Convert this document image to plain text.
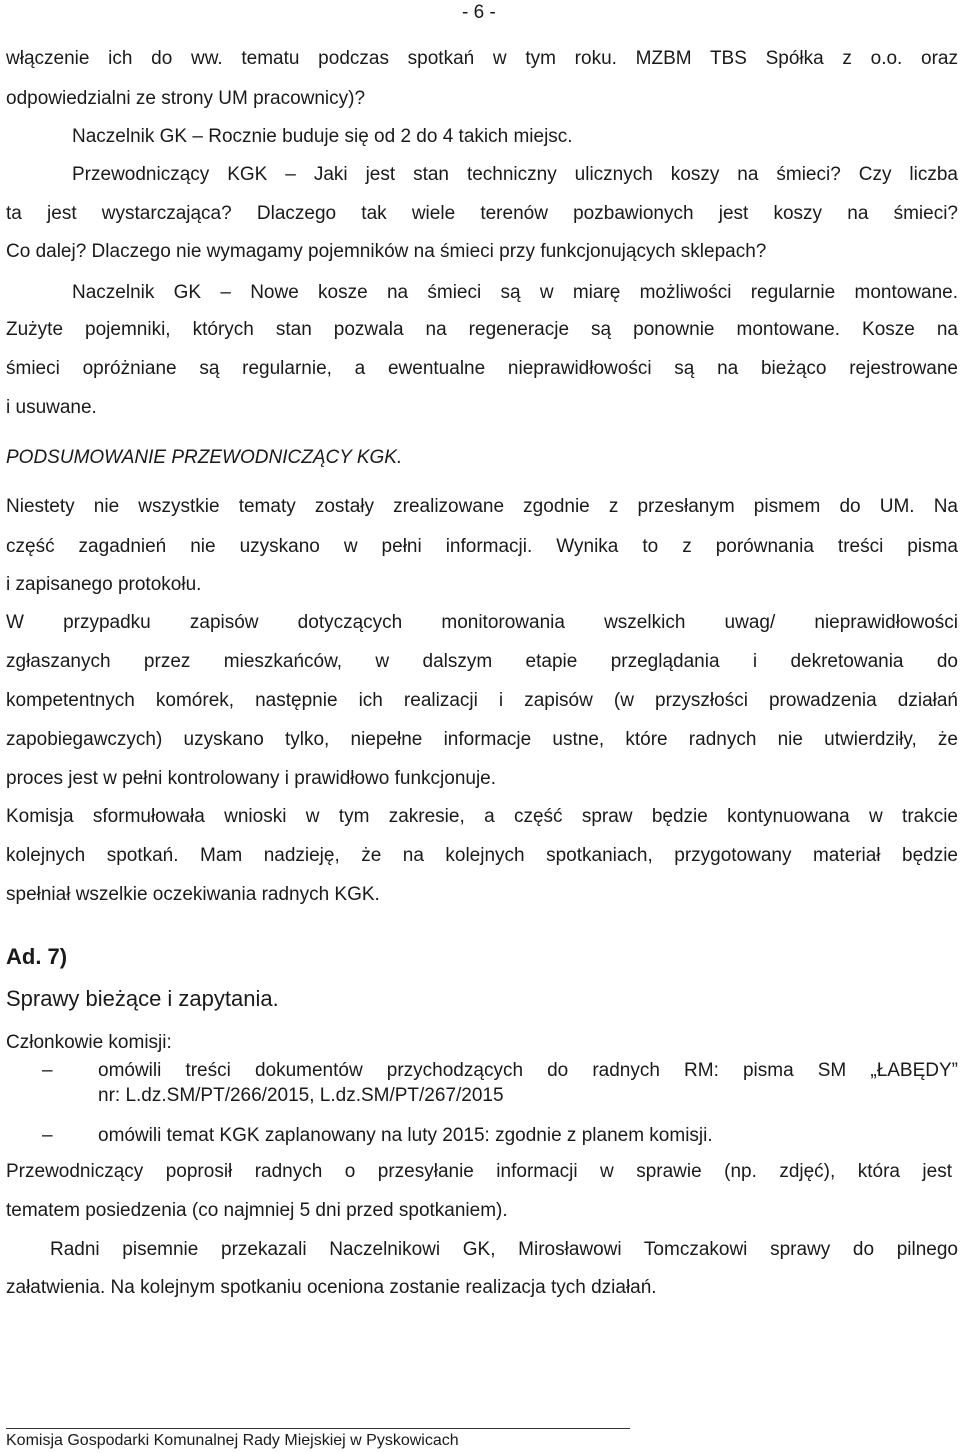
- 6 -
włączenie ich do ww. tematu podczas spotkań w tym roku. MZBM TBS Spółka z o.o. oraz
odpowiedzialni ze strony UM pracownicy)?
Naczelnik GK – Rocznie buduje się od 2 do 4 takich miejsc.
Przewodniczący KGK – Jaki jest stan techniczny ulicznych koszy na śmieci? Czy liczba
ta jest wystarczająca? Dlaczego tak wiele terenów pozbawionych jest koszy na śmieci?
Co dalej? Dlaczego nie wymagamy pojemników na śmieci przy funkcjonujących sklepach?
Naczelnik GK – Nowe kosze na śmieci są w miarę możliwości regularnie montowane.
Zużyte pojemniki, których stan pozwala na regeneracje są ponownie montowane. Kosze na
śmieci opróżniane są regularnie, a ewentualne nieprawidłowości są na bieżąco rejestrowane
i usuwane.
PODSUMOWANIE PRZEWODNICZĄCY KGK.
Niestety nie wszystkie tematy zostały zrealizowane zgodnie z przesłanym pismem do UM. Na
część zagadnień nie uzyskano w pełni informacji. Wynika to z porównania treści pisma
i zapisanego protokołu.
W przypadku zapisów dotyczących monitorowania wszelkich uwag/ nieprawidłowości
zgłaszanych przez mieszkańców, w dalszym etapie przeglądania i dekretowania do
kompetentnych komórek, następnie ich realizacji i zapisów (w przyszłości prowadzenia działań
zapobiegawczych) uzyskano tylko, niepełne informacje ustne, które radnych nie utwierdziły, że
proces jest w pełni kontrolowany i prawidłowo funkcjonuje.
Komisja sformułowała wnioski w tym zakresie, a część spraw będzie kontynuowana w trakcie
kolejnych spotkań. Mam nadzieję, że na kolejnych spotkaniach, przygotowany materiał będzie
spełniał wszelkie oczekiwania radnych KGK.
Ad. 7)
Sprawy bieżące i zapytania.
Członkowie komisji:
– omówili treści dokumentów przychodzących do radnych RM: pisma SM „ŁABĘDY”
nr: L.dz.SM/PT/266/2015, L.dz.SM/PT/267/2015
– omówili temat KGK zaplanowany na luty 2015: zgodnie z planem komisji.
Przewodniczący poprosił radnych o przesyłanie informacji w sprawie (np. zdjęć), która jest
tematem posiedzenia (co najmniej 5 dni przed spotkaniem).
Radni pisemnie przekazali Naczelnikowi GK, Mirosławowi Tomczakowi sprawy do pilnego
załatwienia. Na kolejnym spotkaniu oceniona zostanie realizacja tych działań.
Komisja Gospodarki Komunalnej Rady Miejskiej w Pyskowicach
